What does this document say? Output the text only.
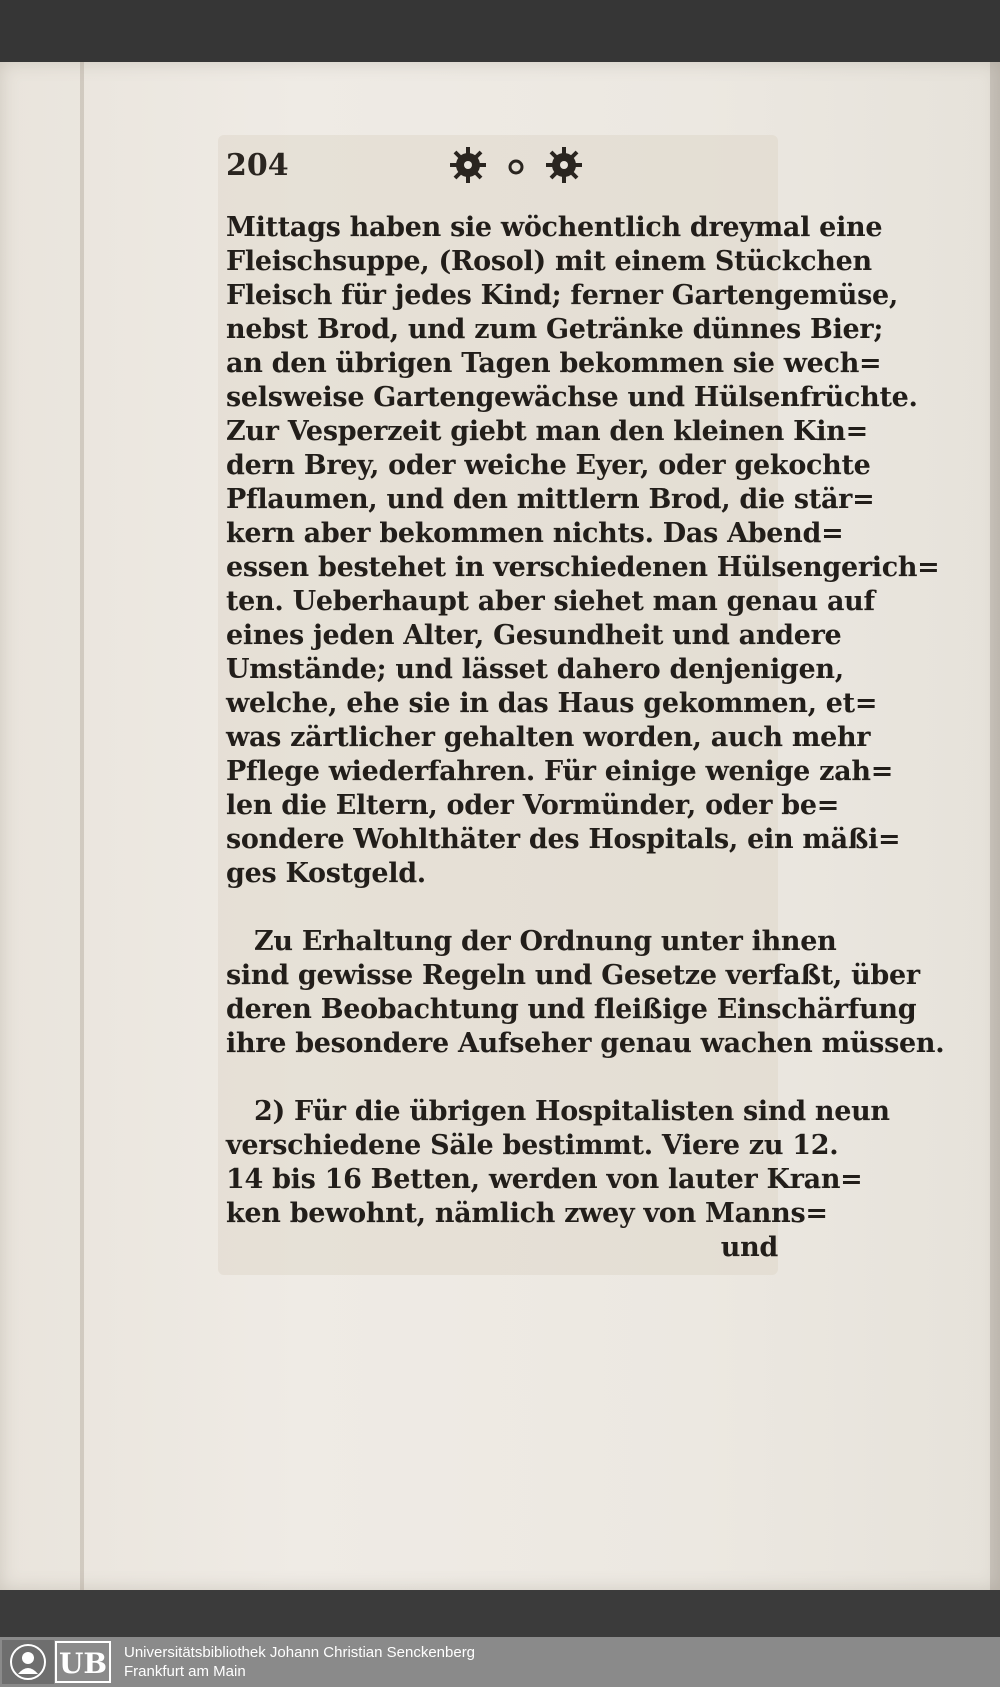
204
Mittags haben sie wöchentlich dreymal eine
Fleischsuppe, (Rosol) mit einem Stückchen
Fleisch für jedes Kind; ferner Gartengemüse,
nebst Brod, und zum Getränke dünnes Bier;
an den übrigen Tagen bekommen sie wech=
selsweise Gartengewächse und Hülsenfrüchte.
Zur Vesperzeit giebt man den kleinen Kin=
dern Brey, oder weiche Eyer, oder gekochte
Pflaumen, und den mittlern Brod, die stär=
kern aber bekommen nichts. Das Abend=
essen bestehet in verschiedenen Hülsengerich=
ten. Ueberhaupt aber siehet man genau auf
eines jeden Alter, Gesundheit und andere
Umstände; und lässet dahero denjenigen,
welche, ehe sie in das Haus gekommen, et=
was zärtlicher gehalten worden, auch mehr
Pflege wiederfahren. Für einige wenige zah=
len die Eltern, oder Vormünder, oder be=
sondere Wohlthäter des Hospitals, ein mäßi=
ges Kostgeld.
Zu Erhaltung der Ordnung unter ihnen
sind gewisse Regeln und Gesetze verfaßt, über
deren Beobachtung und fleißige Einschärfung
ihre besondere Aufseher genau wachen müssen.
2) Für die übrigen Hospitalisten sind neun
verschiedene Säle bestimmt. Viere zu 12.
14 bis 16 Betten, werden von lauter Kran=
ken bewohnt, nämlich zwey von Manns=
und
UB Universitätsbibliothek Johann Christian Senckenberg
Frankfurt am Main
